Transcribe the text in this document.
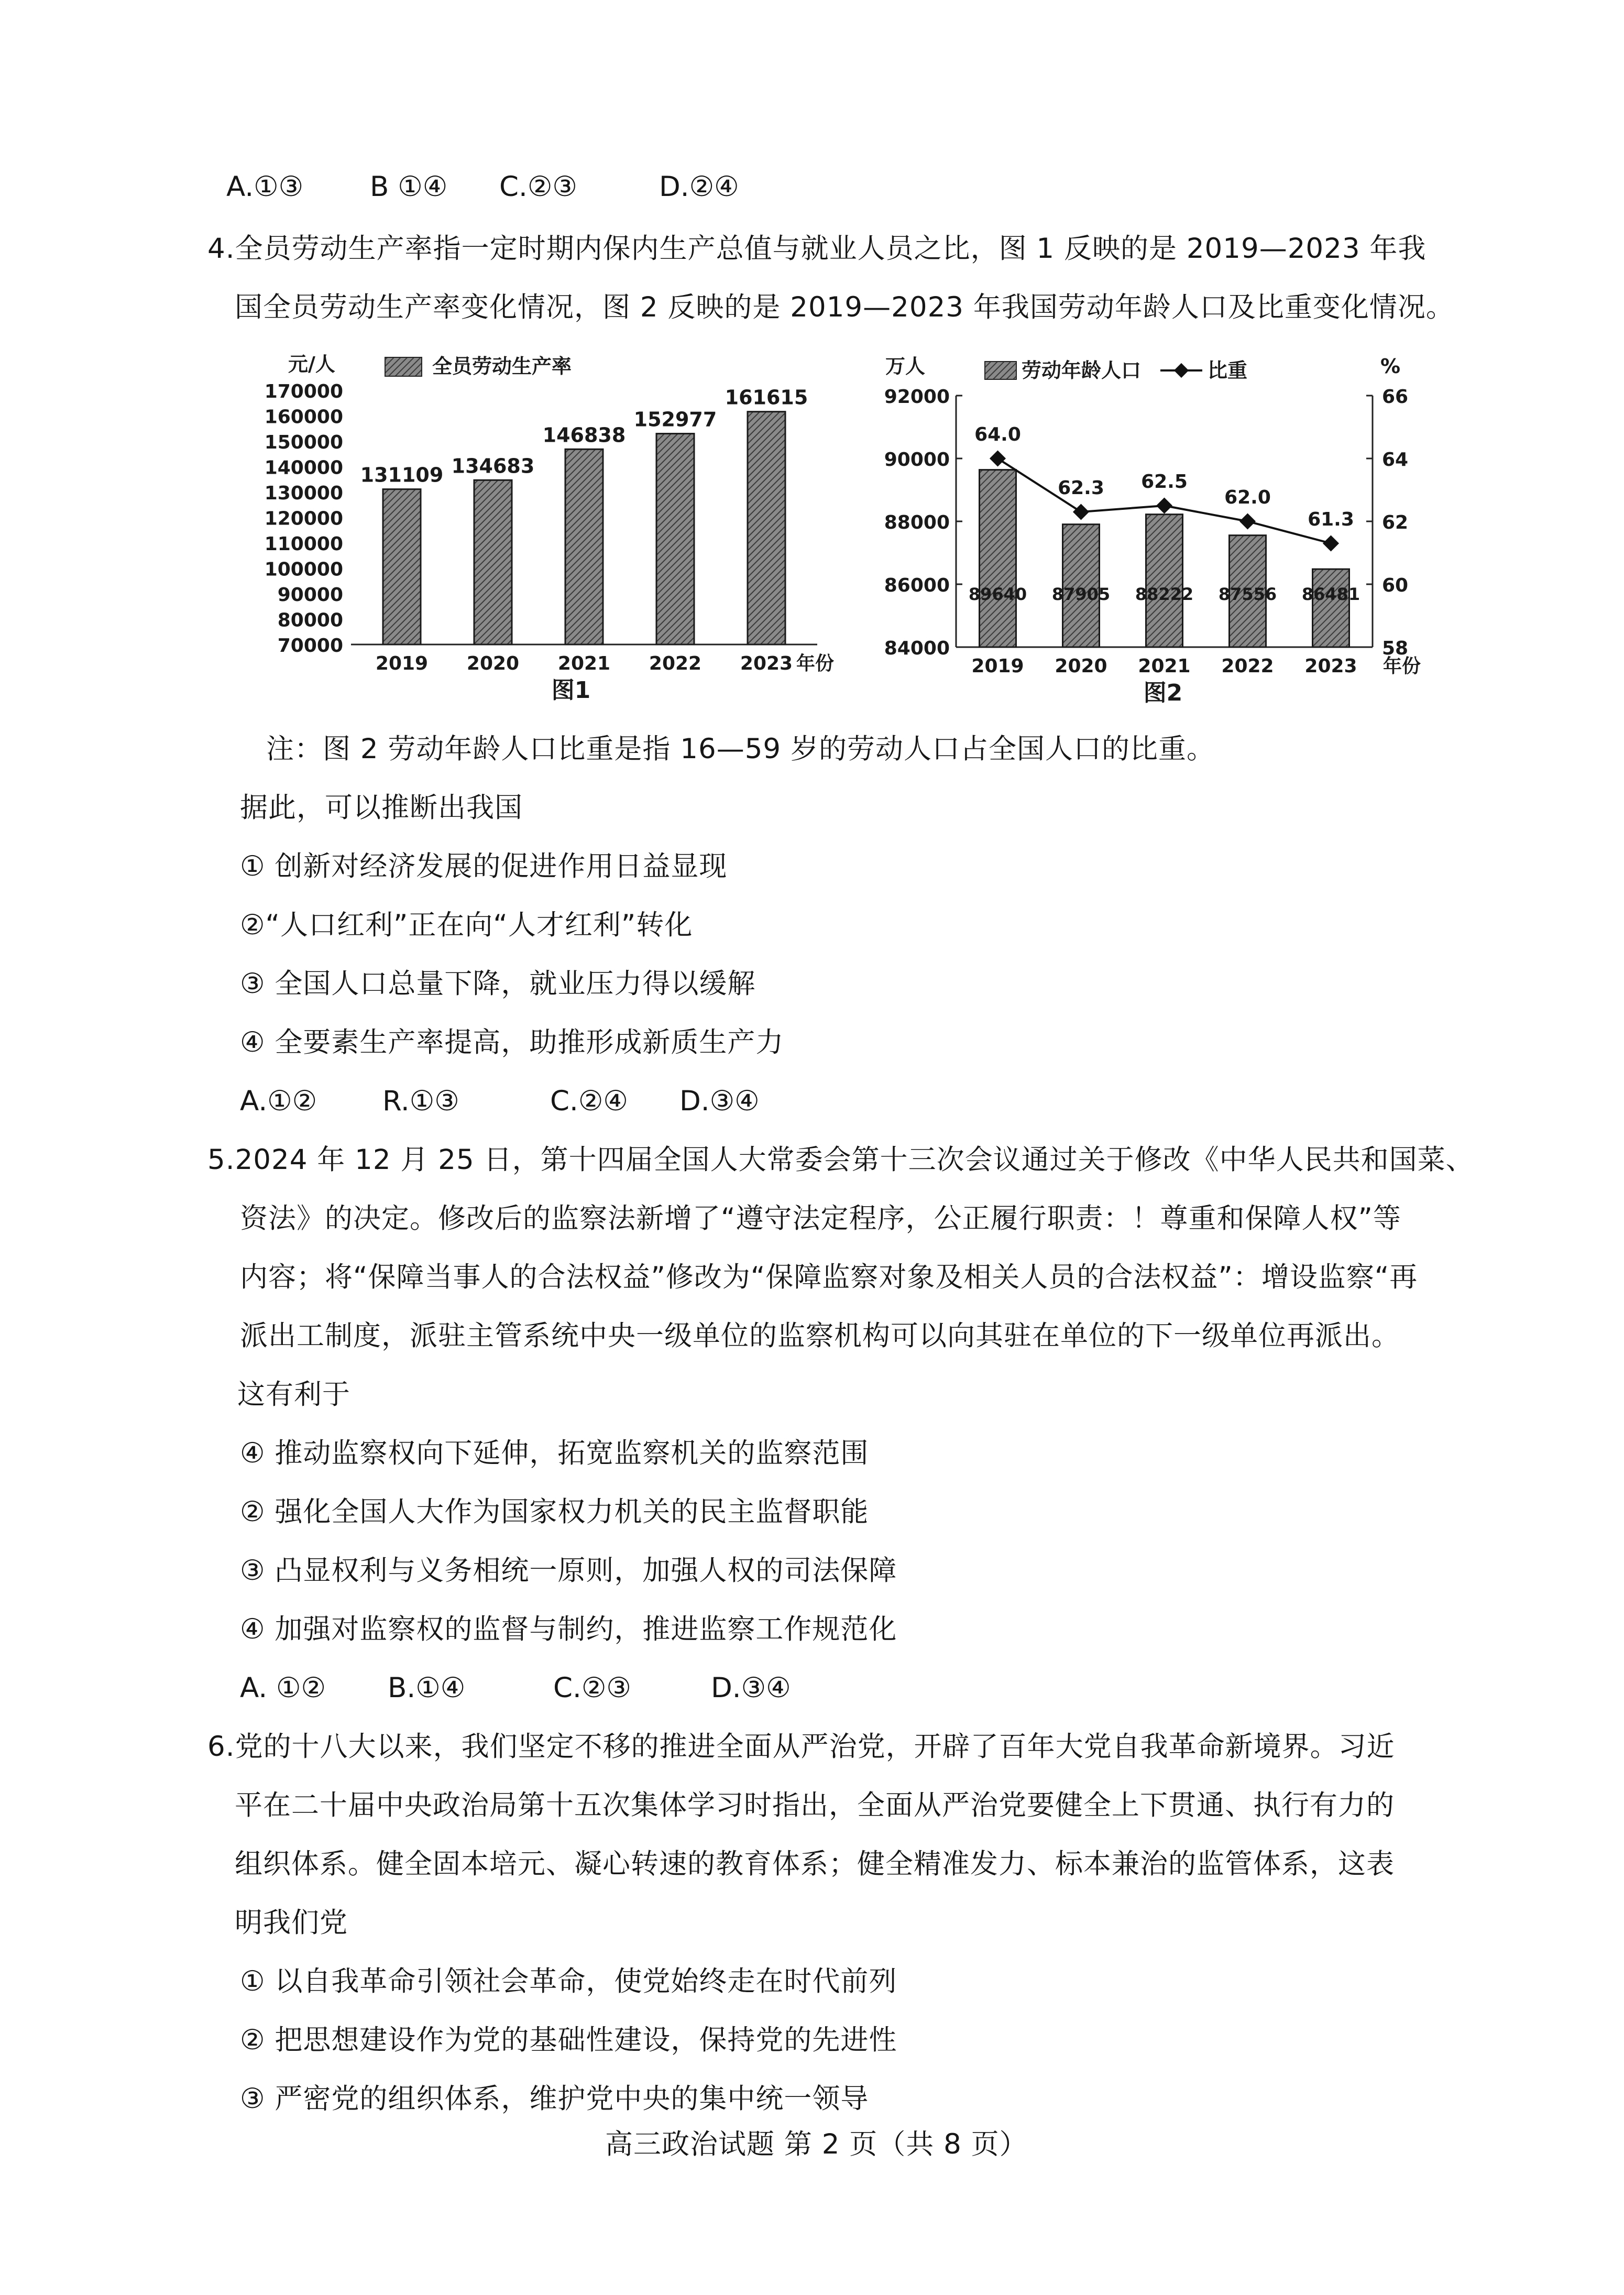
A.①③ B ①④ C.②③	D.②④
4.全员劳动生产率指一定时期内保内生产总值与就业人员之比，图 1 反映的是 2019—2023 年我
国全员劳动生产率变化情况，图 2 反映的是 2019—2023 年我国劳动年龄人口及比重变化情况。
170000
160000
150000
140000
130000
120000
110000
100000
90000
80000
70000
元/人	全员劳动生产率
131109
2019
134683
2020
146838
2021
152977
2022
161615
2023 年份
图1
92000
90000
88000
86000
84000
66
64
62
60
58
万人	%
劳动年龄人口	比重
89640
2019
87905
2020
88222
2021
87556
2022
86481
2023
64.0
62.3 62.5
62.0
61.3
年份
图2
注：图 2 劳动年龄人口比重是指 16—59 岁的劳动人口占全国人口的比重。
据此，可以推断出我国
① 创新对经济发展的促进作用日益显现
②“人口红利”正在向“人才红利”转化
③ 全国人口总量下降，就业压力得以缓解
④ 全要素生产率提高，助推形成新质生产力
A.①② R.①③	C.②④ D.③④
5.2024 年 12 月 25 日，第十四届全国人大常委会第十三次会议通过关于修改《中华人民共和国菜、
资法》的决定。修改后的监察法新增了“遵守法定程序，公正履行职责：！尊重和保障人权”等
内容；将“保障当事人的合法权益”修改为“保障监察对象及相关人员的合法权益”：增设监察“再
派出工制度，派驻主管系统中央一级单位的监察机构可以向其驻在单位的下一级单位再派出。
这有利于
④ 推动监察权向下延伸，拓宽监察机关的监察范围
② 强化全国人大作为国家权力机关的民主监督职能
③ 凸显权利与义务相统一原则，加强人权的司法保障
④ 加强对监察权的监督与制约，推进监察工作规范化
A. ①② B.①④	C.②③	D.③④
6.党的十八大以来，我们坚定不移的推进全面从严治党，开辟了百年大党自我革命新境界。习近
平在二十届中央政治局第十五次集体学习时指出，全面从严治党要健全上下贯通、执行有力的
组织体系。健全固本培元、凝心转速的教育体系；健全精准发力、标本兼治的监管体系，这表
明我们党
① 以自我革命引领社会革命，使党始终走在时代前列
② 把思想建设作为党的基础性建设，保持党的先进性
③ 严密党的组织体系，维护党中央的集中统一领导
高三政治试题 第 2 页（共 8 页）
